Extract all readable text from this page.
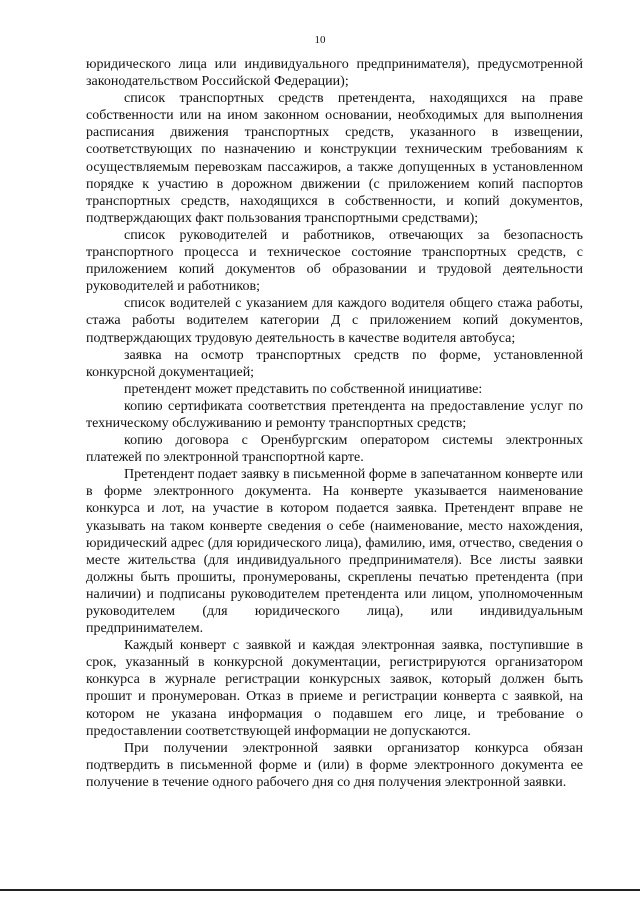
10

юридического лица или индивидуального предпринимателя), предусмотренной законодательством Российской Федерации);

список транспортных средств претендента, находящихся на праве собственности или на ином законном основании, необходимых для выполнения расписания движения транспортных средств, указанного в извещении, соответствующих по назначению и конструкции техническим требованиям к осуществляемым перевозкам пассажиров, а также допущенных в установленном порядке к участию в дорожном движении (с приложением копий паспортов транспортных средств, находящихся в собственности, и копий документов, подтверждающих факт пользования транспортными средствами);

список руководителей и работников, отвечающих за безопасность транспортного процесса и техническое состояние транспортных средств, с приложением копий документов об образовании и трудовой деятельности руководителей и работников;

список водителей с указанием для каждого водителя общего стажа работы, стажа работы водителем категории Д с приложением копий документов, подтверждающих трудовую деятельность в качестве водителя автобуса;

заявка на осмотр транспортных средств по форме, установленной конкурсной документацией;

претендент может представить по собственной инициативе:

копию сертификата соответствия претендента на предоставление услуг по техническому обслуживанию и ремонту транспортных средств;

копию договора с Оренбургским оператором системы электронных платежей по электронной транспортной карте.

Претендент подает заявку в письменной форме в запечатанном конверте или в форме электронного документа. На конверте указывается наименование конкурса и лот, на участие в котором подается заявка. Претендент вправе не указывать на таком конверте сведения о себе (наименование, место нахождения, юридический адрес (для юридического лица), фамилию, имя, отчество, сведения о месте жительства (для индивидуального предпринимателя). Все листы заявки должны быть прошиты, пронумерованы, скреплены печатью претендента (при наличии) и подписаны руководителем претендента или лицом, уполномоченным руководителем (для юридического лица), или индивидуальным предпринимателем.

Каждый конверт с заявкой и каждая электронная заявка, поступившие в срок, указанный в конкурсной документации, регистрируются организатором конкурса в журнале регистрации конкурсных заявок, который должен быть прошит и пронумерован. Отказ в приеме и регистрации конверта с заявкой, на котором не указана информация о подавшем его лице, и требование о предоставлении соответствующей информации не допускаются.

При получении электронной заявки организатор конкурса обязан подтвердить в письменной форме и (или) в форме электронного документа ее получение в течение одного рабочего дня со дня получения электронной заявки.
